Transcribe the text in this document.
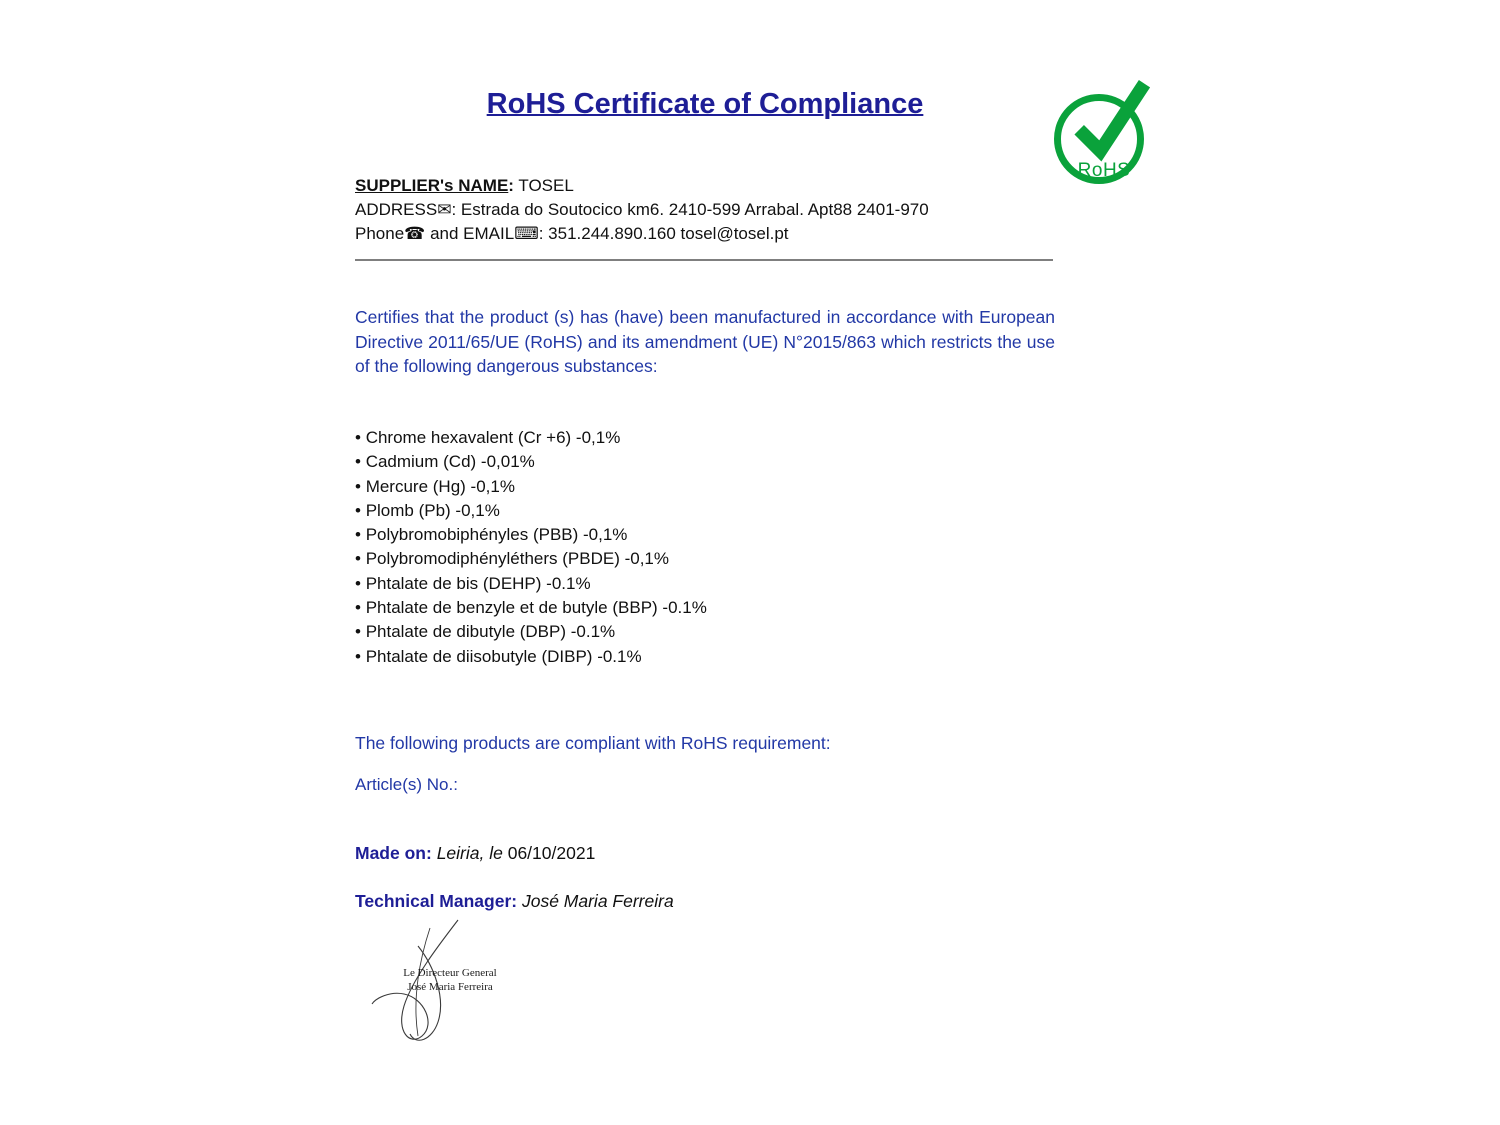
RoHS Certificate of Compliance
RoHS

SUPPLIER's NAME: TOSEL

ADDRESS✉: Estrada do Soutocico km6. 2410-599 Arrabal. Apt88 2401-970

Phone☎ and EMAIL⌨: 351.244.890.160 tosel@tosel.pt

Certifies that the product (s) has (have) been manufactured in accordance with European Directive 2011/65/UE (RoHS) and its amendment (UE) N°2015/863 which restricts the use of the following dangerous substances:

• Chrome hexavalent (Cr +6) -0,1%
• Cadmium (Cd) -0,01%
• Mercure (Hg) -0,1%
• Plomb (Pb) -0,1%
• Polybromobiphényles (PBB) -0,1%
• Polybromodiphényléthers (PBDE) -0,1%
• Phtalate de bis (DEHP) -0.1%
• Phtalate de benzyle et de butyle (BBP) -0.1%
• Phtalate de dibutyle (DBP) -0.1%
• Phtalate de diisobutyle (DIBP) -0.1%

The following products are compliant with RoHS requirement:

Article(s) No.:

Made on: Leiria, le 06/10/2021

Technical Manager: José Maria Ferreira

Le Directeur General
José Maria Ferreira
